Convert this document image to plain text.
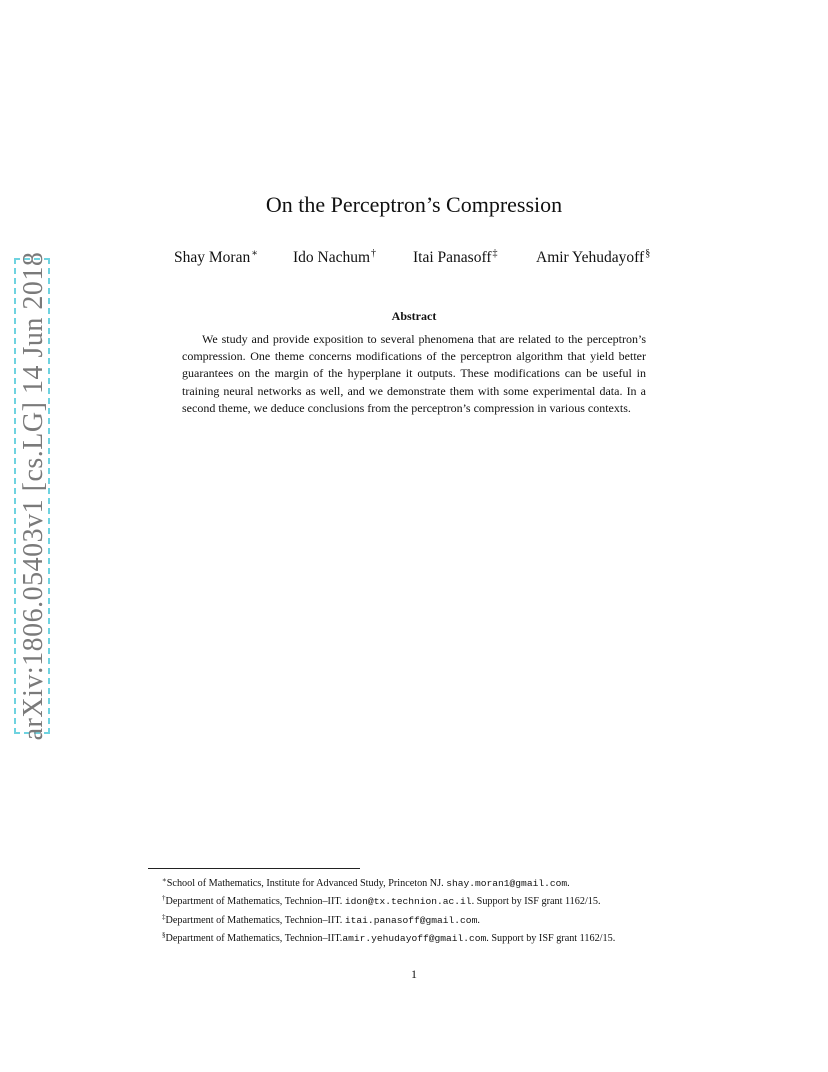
arXiv:1806.05403v1 [cs.LG] 14 Jun 2018
On the Perceptron’s Compression
Shay Moran∗ Ido Nachum† Itai Panasoff‡ Amir Yehudayoff§
Abstract
We study and provide exposition to several phenomena that are related to the perceptron’s compression. One theme concerns modifications of the perceptron algorithm that yield better guarantees on the margin of the hyperplane it outputs. These modifications can be useful in training neural networks as well, and we demonstrate them with some experimental data. In a second theme, we deduce conclusions from the perceptron’s compression in various contexts.
∗School of Mathematics, Institute for Advanced Study, Princeton NJ. shay.moran1@gmail.com.
†Department of Mathematics, Technion–IIT. idon@tx.technion.ac.il. Support by ISF grant 1162/15.
‡Department of Mathematics, Technion–IIT. itai.panasoff@gmail.com.
§Department of Mathematics, Technion–IIT.amir.yehudayoff@gmail.com. Support by ISF grant 1162/15.
1
